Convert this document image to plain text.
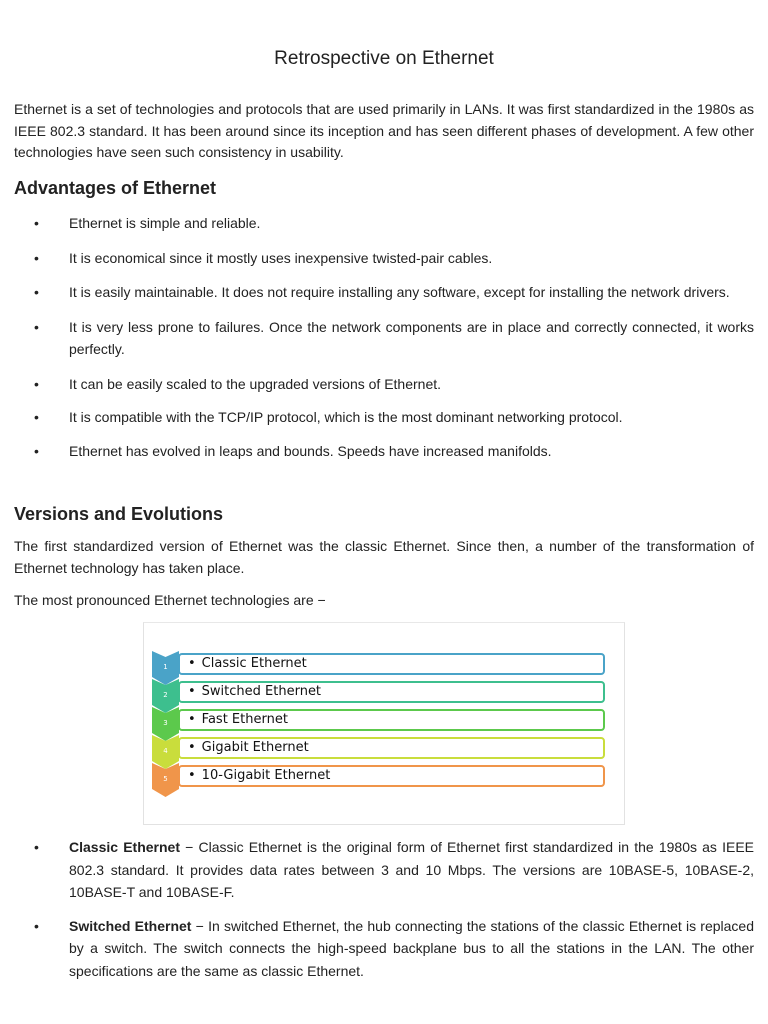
Retrospective on Ethernet
Ethernet is a set of technologies and protocols that are used primarily in LANs. It was first standardized in the 1980s as IEEE 802.3 standard. It has been around since its inception and has seen different phases of development. A few other technologies have seen such consistency in usability.
Advantages of Ethernet
• Ethernet is simple and reliable.
• It is economical since it mostly uses inexpensive twisted-pair cables.
• It is easily maintainable. It does not require installing any software, except for installing the network drivers.
• It is very less prone to failures. Once the network components are in place and correctly connected, it works perfectly.
• It can be easily scaled to the upgraded versions of Ethernet.
• It is compatible with the TCP/IP protocol, which is the most dominant networking protocol.
• Ethernet has evolved in leaps and bounds. Speeds have increased manifolds.
Versions and Evolutions
The first standardized version of Ethernet was the classic Ethernet. Since then, a number of the transformation of Ethernet technology has taken place.
The most pronounced Ethernet technologies are −
1	• Classic Ethernet
2	• Switched Ethernet
3	• Fast Ethernet
4	• Gigabit Ethernet
5	• 10-Gigabit Ethernet
• Classic Ethernet − Classic Ethernet is the original form of Ethernet first standardized in the 1980s as IEEE 802.3 standard. It provides data rates between 3 and 10 Mbps. The versions are 10BASE-5, 10BASE-2, 10BASE-T and 10BASE-F.
• Switched Ethernet − In switched Ethernet, the hub connecting the stations of the classic Ethernet is replaced by a switch. The switch connects the high-speed backplane bus to all the stations in the LAN. The other specifications are the same as classic Ethernet.
